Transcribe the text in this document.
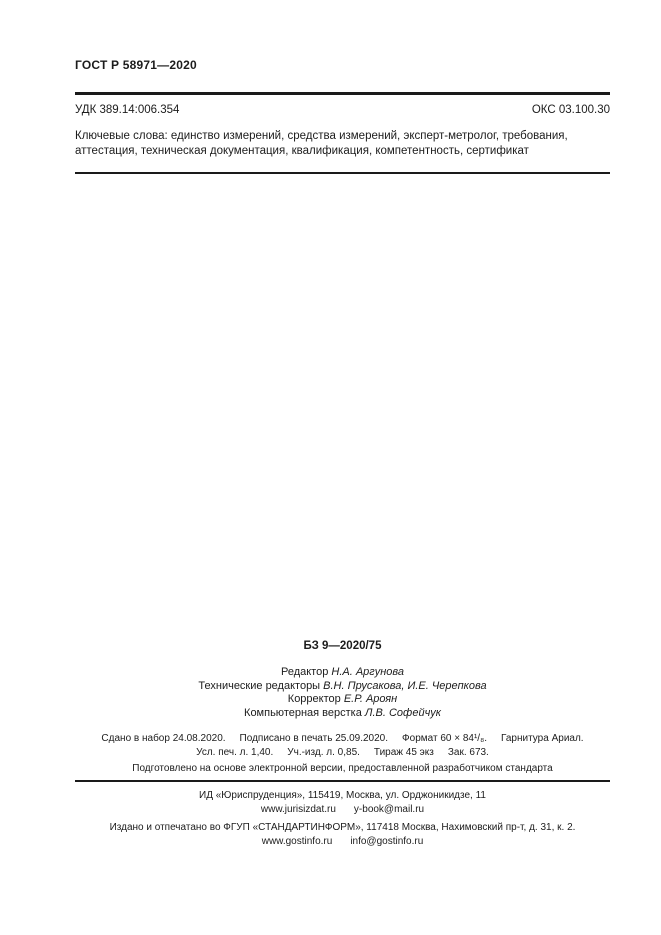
ГОСТ Р 58971—2020
УДК 389.14:006.354	ОКС 03.100.30
Ключевые слова: единство измерений, средства измерений, эксперт-метролог, требования, аттестация, техническая документация, квалификация, компетентность, сертификат
БЗ 9—2020/75
Редактор Н.А. Аргунова
Технические редакторы В.Н. Прусакова, И.Е. Черепкова
Корректор Е.Р. Ароян
Компьютерная верстка Л.В. Софейчук
Сдано в набор 24.08.2020. Подписано в печать 25.09.2020. Формат 60 × 84¹/₈. Гарнитура Ариал.
Усл. печ. л. 1,40. Уч.-изд. л. 0,85. Тираж 45 экз Зак. 673.
Подготовлено на основе электронной версии, предоставленной разработчиком стандарта
ИД «Юриспруденция», 115419, Москва, ул. Орджоникидзе, 11
www.jurisizdat.ru y-book@mail.ru
Издано и отпечатано во ФГУП «СТАНДАРТИНФОРМ», 117418 Москва, Нахимовский пр-т, д. 31, к. 2.
www.gostinfo.ru info@gostinfo.ru
